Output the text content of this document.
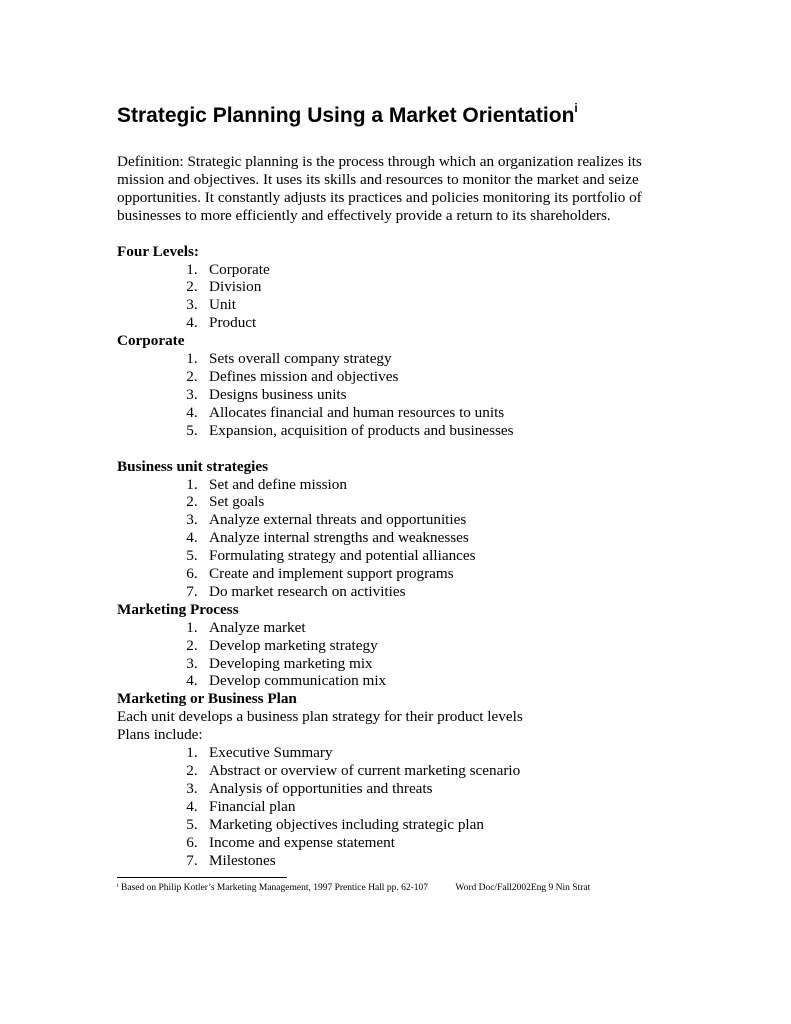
Strategic Planning Using a Market Orientation$^i$

Definition: Strategic planning is the process through which an organization realizes its mission and objectives. It uses its skills and resources to monitor the market and seize opportunities. It constantly adjusts its practices and policies monitoring its portfolio of businesses to more efficiently and effectively provide a return to its shareholders.

Four Levels:

1. Corporate
2. Division
3. Unit
4. Product

Corporate

1. Sets overall company strategy
2. Defines mission and objectives
3. Designs business units
4. Allocates financial and human resources to units
5. Expansion, acquisition of products and businesses

Business unit strategies

1. Set and define mission
2. Set goals
3. Analyze external threats and opportunities
4. Analyze internal strengths and weaknesses
5. Formulating strategy and potential alliances
6. Create and implement support programs
7. Do market research on activities

Marketing Process

1. Analyze market
2. Develop marketing strategy
3. Developing marketing mix
4. Develop communication mix

Marketing or Business Plan

Each unit develops a business plan strategy for their product levels

Plans include:

1. Executive Summary
2. Abstract or overview of current marketing scenario
3. Analysis of opportunities and threats
4. Financial plan
5. Marketing objectives including strategic plan
6. Income and expense statement
7. Milestones
$^i$ Based on Philip Kotler’s Marketing Management, 1997 Prentice Hall pp. 62-107	Word Doc/Fall2002Eng 9 Nin Strat
